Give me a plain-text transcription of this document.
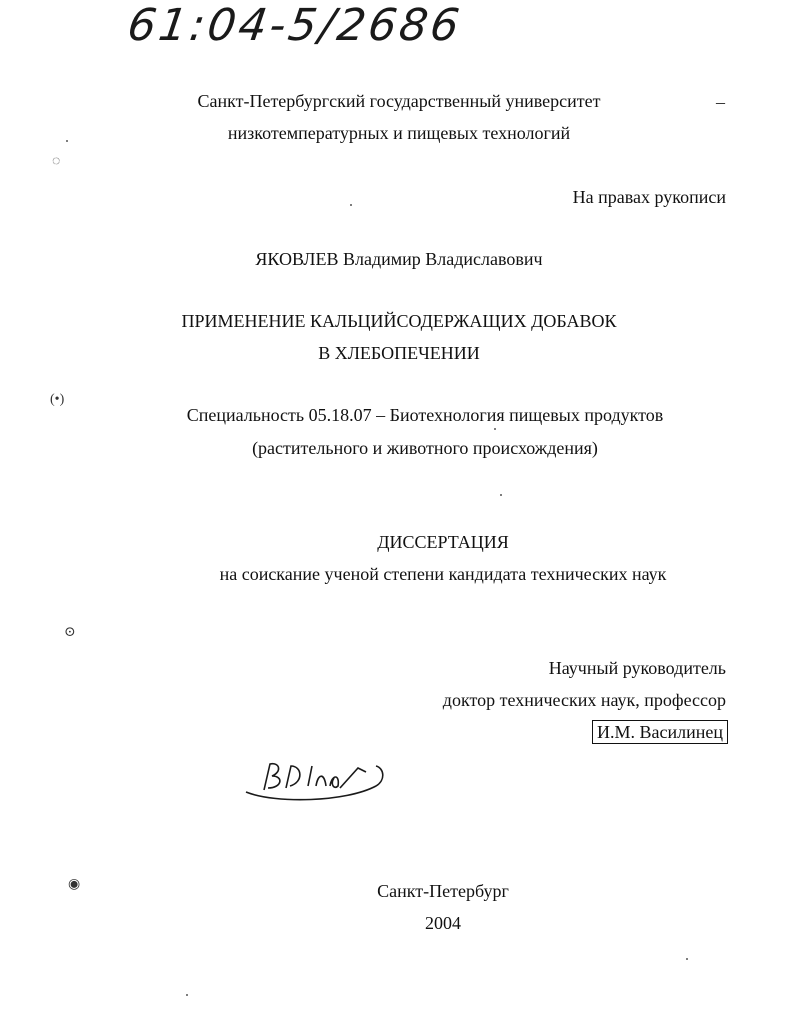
61:04-5/2686
Санкт-Петербургский государственный университет	–
низкотемпературных и пищевых технологий
На правах рукописи
ЯКОВЛЕВ Владимир Владиславович
ПРИМЕНЕНИЕ КАЛЬЦИЙСОДЕРЖАЩИХ ДОБАВОК
В ХЛЕБОПЕЧЕНИИ
Специальность 05.18.07 – Биотехнология пищевых продуктов
(растительного и животного происхождения)
ДИССЕРТАЦИЯ
на соискание ученой степени кандидата технических наук
Научный руководитель
доктор технических наук, профессор
И.М. Василинец
Санкт-Петербург
2004
◌
(•)
⊙
◉
